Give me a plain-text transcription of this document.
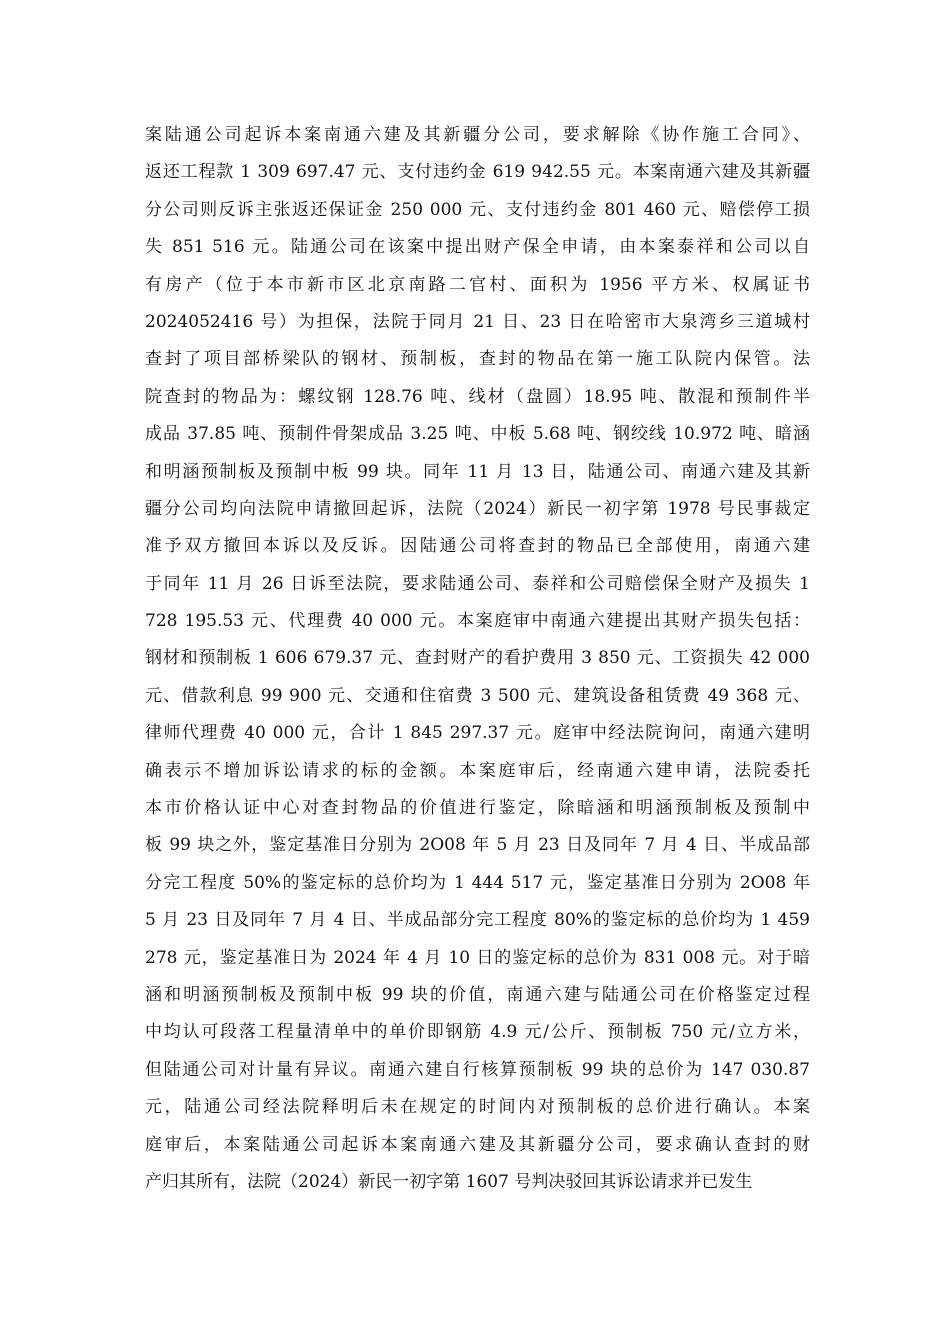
案陆通公司起诉本案南通六建及其新疆分公司，要求解除《协作施工合同》、
返还工程款 1 309 697.47 元、支付违约金 619 942.55 元。本案南通六建及其新疆
分公司则反诉主张返还保证金 250 000 元、支付违约金 801 460 元、赔偿停工损
失 851 516 元。陆通公司在该案中提出财产保全申请，由本案泰祥和公司以自
有房产（位于本市新市区北京南路二官村、面积为 1956 平方米、权属证书
2024052416 号）为担保，法院于同月 21 日、23 日在哈密市大泉湾乡三道城村
查封了项目部桥梁队的钢材、预制板，查封的物品在第一施工队院内保管。法
院查封的物品为：螺纹钢 128.76 吨、线材（盘圆）18.95 吨、散混和预制件半
成品 37.85 吨、预制件骨架成品 3.25 吨、中板 5.68 吨、钢绞线 10.972 吨、暗涵
和明涵预制板及预制中板 99 块。同年 11 月 13 日，陆通公司、南通六建及其新
疆分公司均向法院申请撤回起诉，法院（2024）新民一初字第 1978 号民事裁定
准予双方撤回本诉以及反诉。因陆通公司将查封的物品已全部使用，南通六建
于同年 11 月 26 日诉至法院，要求陆通公司、泰祥和公司赔偿保全财产及损失 1
728 195.53 元、代理费 40 000 元。本案庭审中南通六建提出其财产损失包括：
钢材和预制板 1 606 679.37 元、查封财产的看护费用 3 850 元、工资损失 42 000
元、借款利息 99 900 元、交通和住宿费 3 500 元、建筑设备租赁费 49 368 元、
律师代理费 40 000 元，合计 1 845 297.37 元。庭审中经法院询问，南通六建明
确表示不增加诉讼请求的标的金额。本案庭审后，经南通六建申请，法院委托
本市价格认证中心对查封物品的价值进行鉴定，除暗涵和明涵预制板及预制中
板 99 块之外，鉴定基准日分别为 2O08 年 5 月 23 日及同年 7 月 4 日、半成品部
分完工程度 50%的鉴定标的总价均为 1 444 517 元，鉴定基准日分别为 2O08 年
5 月 23 日及同年 7 月 4 日、半成品部分完工程度 80%的鉴定标的总价均为 1 459
278 元，鉴定基准日为 2024 年 4 月 10 日的鉴定标的总价为 831 008 元。对于暗
涵和明涵预制板及预制中板 99 块的价值，南通六建与陆通公司在价格鉴定过程
中均认可段落工程量清单中的单价即钢筋 4.9 元/公斤、预制板 750 元/立方米，
但陆通公司对计量有异议。南通六建自行核算预制板 99 块的总价为 147 030.87
元，陆通公司经法院释明后未在规定的时间内对预制板的总价进行确认。本案
庭审后，本案陆通公司起诉本案南通六建及其新疆分公司，要求确认查封的财
产归其所有，法院（2024）新民一初字第 1607 号判决驳回其诉讼请求并已发生
